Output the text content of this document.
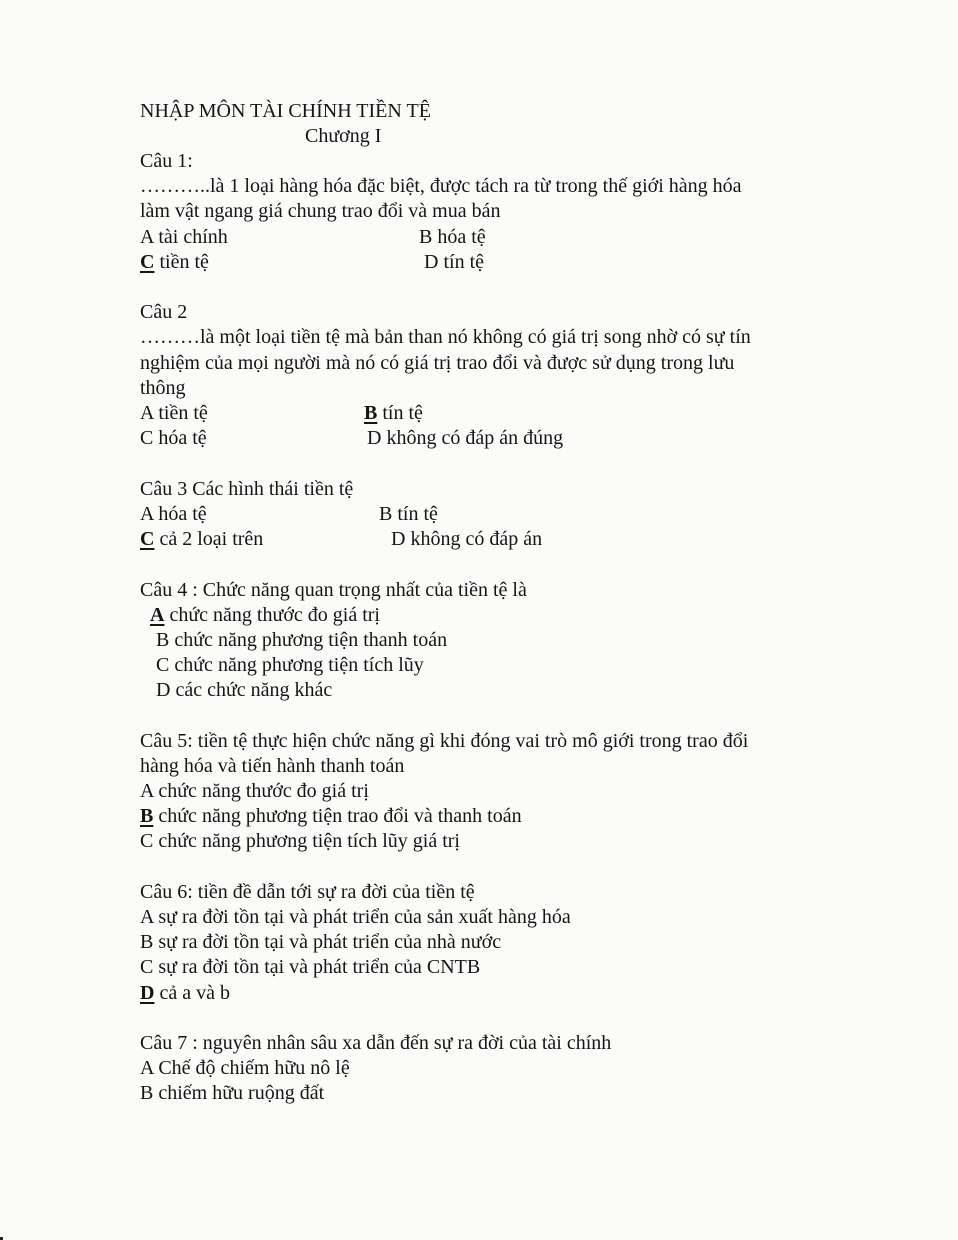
NHẬP MÔN TÀI CHÍNH TIỀN TỆ
Chương I
Câu 1:
………..là 1 loại hàng hóa đặc biệt, được tách ra từ trong thế giới hàng hóa
làm vật ngang giá chung trao đổi và mua bán
A tài chính	B hóa tệ
C tiền tệ	D tín tệ
Câu 2
………là một loại tiền tệ mà bản than nó không có giá trị song nhờ có sự tín
nghiệm của mọi người mà nó có giá trị trao đổi và được sử dụng trong lưu
thông
A tiền tệ	B tín tệ
C hóa tệ	D không có đáp án đúng
Câu 3 Các hình thái tiền tệ
A hóa tệ	B tín tệ
C cả 2 loại trên	D không có đáp án
Câu 4 : Chức năng quan trọng nhất của tiền tệ là
A chức năng thước đo giá trị
B chức năng phương tiện thanh toán
C chức năng phương tiện tích lũy
D các chức năng khác
Câu 5: tiền tệ thực hiện chức năng gì khi đóng vai trò mô giới trong trao đổi
hàng hóa và tiến hành thanh toán
A chức năng thước đo giá trị
B chức năng phương tiện trao đổi và thanh toán
C chức năng phương tiện tích lũy giá trị
Câu 6: tiền đề dẫn tới sự ra đời của tiền tệ
A sự ra đời tồn tại và phát triển của sản xuất hàng hóa
B sự ra đời tồn tại và phát triển của nhà nước
C sự ra đời tồn tại và phát triển của CNTB
D cả a và b
Câu 7 : nguyên nhân sâu xa dẫn đến sự ra đời của tài chính
A Chế độ chiếm hữu nô lệ
B chiếm hữu ruộng đất
